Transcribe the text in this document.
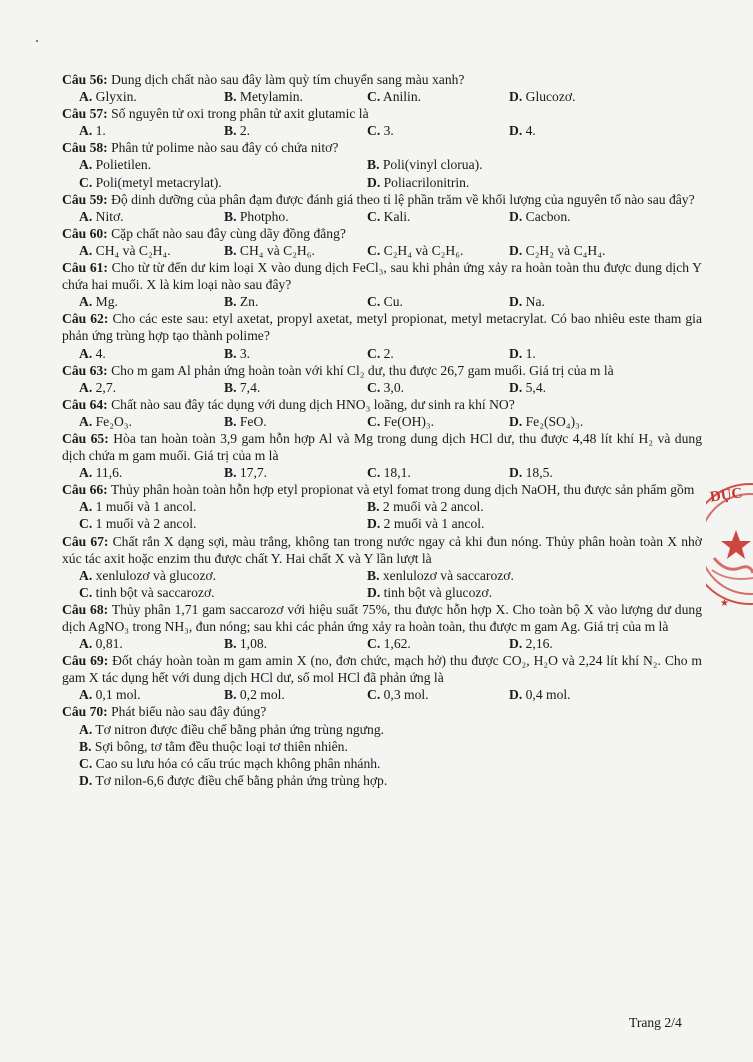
Câu 56: Dung dịch chất nào sau đây làm quỳ tím chuyển sang màu xanh?
A. Glyxin.	B. Metylamin.	C. Anilin.	D. Glucozơ.
Câu 57: Số nguyên tử oxi trong phân tử axit glutamic là
A. 1.	B. 2.	C. 3.	D. 4.
Câu 58: Phân tử polime nào sau đây có chứa nitơ?
A. Polietilen.	B. Poli(vinyl clorua).
C. Poli(metyl metacrylat).	D. Poliacrilonitrin.
Câu 59: Độ dinh dưỡng của phân đạm được đánh giá theo tỉ lệ phần trăm về khối lượng của nguyên tố nào sau đây?
A. Nitơ.	B. Photpho.	C. Kali.	D. Cacbon.
Câu 60: Cặp chất nào sau đây cùng dãy đồng đẳng?
A. CH₄ và C₂H₄.	B. CH₄ và C₂H₆.	C. C₂H₄ và C₂H₆.	D. C₂H₂ và C₄H₄.
Câu 61: Cho từ từ đến dư kim loại X vào dung dịch FeCl₃, sau khi phản ứng xảy ra hoàn toàn thu được dung dịch Y chứa hai muối. X là kim loại nào sau đây?
A. Mg.	B. Zn.	C. Cu.	D. Na.
Câu 62: Cho các este sau: etyl axetat, propyl axetat, metyl propionat, metyl metacrylat. Có bao nhiêu este tham gia phản ứng trùng hợp tạo thành polime?
A. 4.	B. 3.	C. 2.	D. 1.
Câu 63: Cho m gam Al phản ứng hoàn toàn với khí Cl₂ dư, thu được 26,7 gam muối. Giá trị của m là
A. 2,7.	B. 7,4.	C. 3,0.	D. 5,4.
Câu 64: Chất nào sau đây tác dụng với dung dịch HNO₃ loãng, dư sinh ra khí NO?
A. Fe₂O₃.	B. FeO.	C. Fe(OH)₃.	D. Fe₂(SO₄)₃.
Câu 65: Hòa tan hoàn toàn 3,9 gam hỗn hợp Al và Mg trong dung dịch HCl dư, thu được 4,48 lít khí H₂ và dung dịch chứa m gam muối. Giá trị của m là
A. 11,6.	B. 17,7.	C. 18,1.	D. 18,5.
Câu 66: Thủy phân hoàn toàn hỗn hợp etyl propionat và etyl fomat trong dung dịch NaOH, thu được sản phẩm gồm
A. 1 muối và 1 ancol.	B. 2 muối và 2 ancol.
C. 1 muối và 2 ancol.	D. 2 muối và 1 ancol.
Câu 67: Chất rắn X dạng sợi, màu trắng, không tan trong nước ngay cả khi đun nóng. Thủy phân hoàn toàn X nhờ xúc tác axit hoặc enzim thu được chất Y. Hai chất X và Y lần lượt là
A. xenlulozơ và glucozơ.	B. xenlulozơ và saccarozơ.
C. tinh bột và saccarozơ.	D. tinh bột và glucozơ.
Câu 68: Thủy phân 1,71 gam saccarozơ với hiệu suất 75%, thu được hỗn hợp X. Cho toàn bộ X vào lượng dư dung dịch AgNO₃ trong NH₃, đun nóng; sau khi các phản ứng xảy ra hoàn toàn, thu được m gam Ag. Giá trị của m là
A. 0,81.	B. 1,08.	C. 1,62.	D. 2,16.
Câu 69: Đốt cháy hoàn toàn m gam amin X (no, đơn chức, mạch hở) thu được CO₂, H₂O và 2,24 lít khí N₂. Cho m gam X tác dụng hết với dung dịch HCl dư, số mol HCl đã phản ứng là
A. 0,1 mol.	B. 0,2 mol.	C. 0,3 mol.	D. 0,4 mol.
Câu 70: Phát biểu nào sau đây đúng?
A. Tơ nitron được điều chế bằng phản ứng trùng ngưng.
B. Sợi bông, tơ tằm đều thuộc loại tơ thiên nhiên.
C. Cao su lưu hóa có cấu trúc mạch không phân nhánh.
D. Tơ nilon-6,6 được điều chế bằng phản ứng trùng hợp.
DỤC
★
Trang 2/4
